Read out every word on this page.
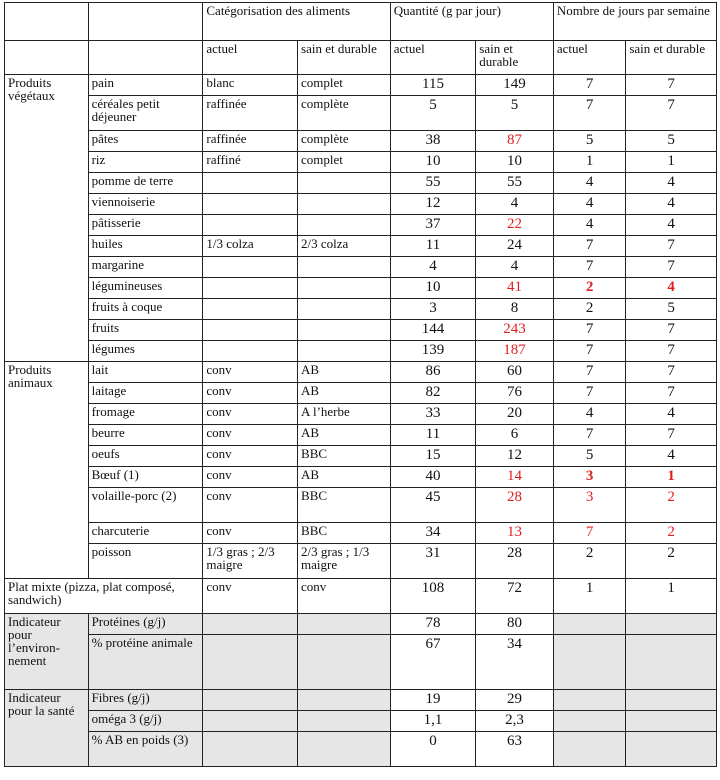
		Catégorisation des aliments		Quantité (g par jour)		Nombre de jours par semaine	
		actuel	sain et durable	actuel	sain et durable	actuel	sain et durable
Produits végétaux	pain	blanc	complet	115	149	7	7
	céréales petit déjeuner	raffinée	complète	5	5	7	7
	pâtes	raffinée	complète	38	87	5	5
	riz	raffiné	complet	10	10	1	1
	pomme de terre			55	55	4	4
	viennoiserie			12	4	4	4
	pâtisserie			37	22	4	4
	huiles	1/3 colza	2/3 colza	11	24	7	7
	margarine			4	4	7	7
	légumineuses			10	41	2	4
	fruits à coque			3	8	2	5
	fruits			144	243	7	7
	légumes			139	187	7	7
Produits animaux	lait	conv	AB	86	60	7	7
	laitage	conv	AB	82	76	7	7
	fromage	conv	A l’herbe	33	20	4	4
	beurre	conv	AB	11	6	7	7
	oeufs	conv	BBC	15	12	5	4
	Bœuf (1)	conv	AB	40	14	3	1
	volaille-porc (2)	conv	BBC	45	28	3	2
	charcuterie	conv	BBC	34	13	7	2
	poisson	1/3 gras ; 2/3 maigre	2/3 gras ; 1/3 maigre	31	28	2	2
Plat mixte (pizza, plat composé, sandwich)		conv	conv	108	72	1	1
Indicateur pour l’environ-nement	Protéines (g/j)			78	80		
	% protéine animale			67	34		
Indicateur pour la santé	Fibres (g/j)			19	29		
	oméga 3 (g/j)			1,1	2,3		
	% AB en poids (3)			0	63		
